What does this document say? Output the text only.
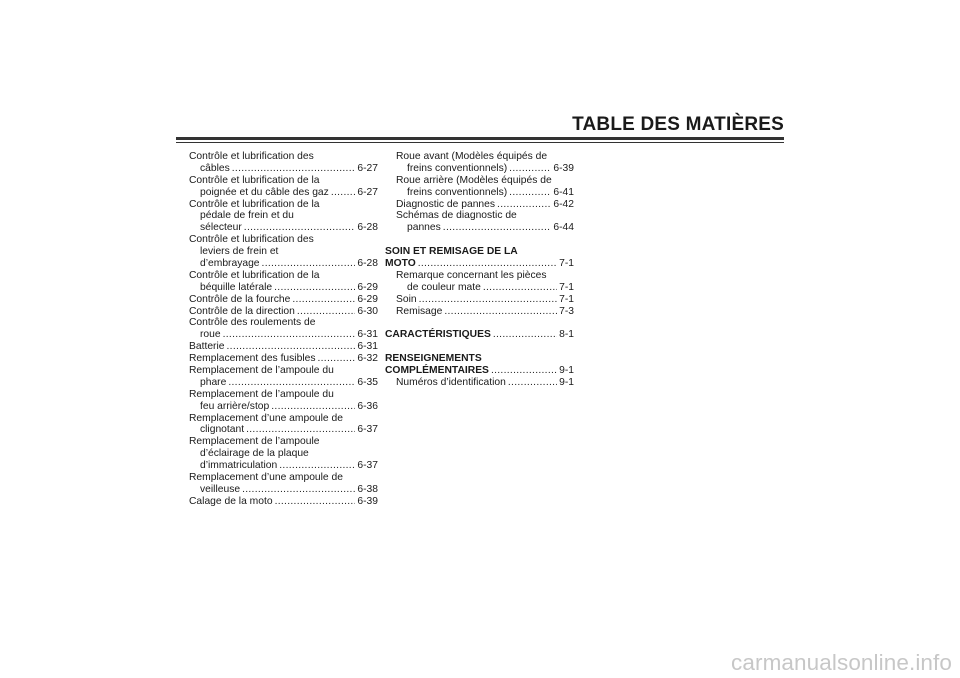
TABLE DES MATIÈRES
Contrôle et lubrification des
câbles .....	6-27
Contrôle et lubrification de la
poignée et du câble des gaz .....	6-27
Contrôle et lubrification de la
pédale de frein et du
sélecteur .....	6-28
Contrôle et lubrification des
leviers de frein et
d’embrayage .....	6-28
Contrôle et lubrification de la
béquille latérale .....	6-29
Contrôle de la fourche .....	6-29
Contrôle de la direction .....	6-30
Contrôle des roulements de
roue .....	6-31
Batterie .....	6-31
Remplacement des fusibles .....	6-32
Remplacement de l’ampoule du
phare .....	6-35
Remplacement de l’ampoule du
feu arrière/stop .....	6-36
Remplacement d’une ampoule de
clignotant .....	6-37
Remplacement de l’ampoule
d’éclairage de la plaque
d’immatriculation .....	6-37
Remplacement d’une ampoule de
veilleuse .....	6-38
Calage de la moto .....	6-39
Roue avant (Modèles équipés de
freins conventionnels) .....	6-39
Roue arrière (Modèles équipés de
freins conventionnels) .....	6-41
Diagnostic de pannes .....	6-42
Schémas de diagnostic de
pannes .....	6-44
SOIN ET REMISAGE DE LA
MOTO .....	7-1
Remarque concernant les pièces
de couleur mate .....	7-1
Soin .....	7-1
Remisage .....	7-3
CARACTÉRISTIQUES .....	8-1
RENSEIGNEMENTS
COMPLÉMENTAIRES .....	9-1
Numéros d’identification .....	9-1
carmanualsonline.info
